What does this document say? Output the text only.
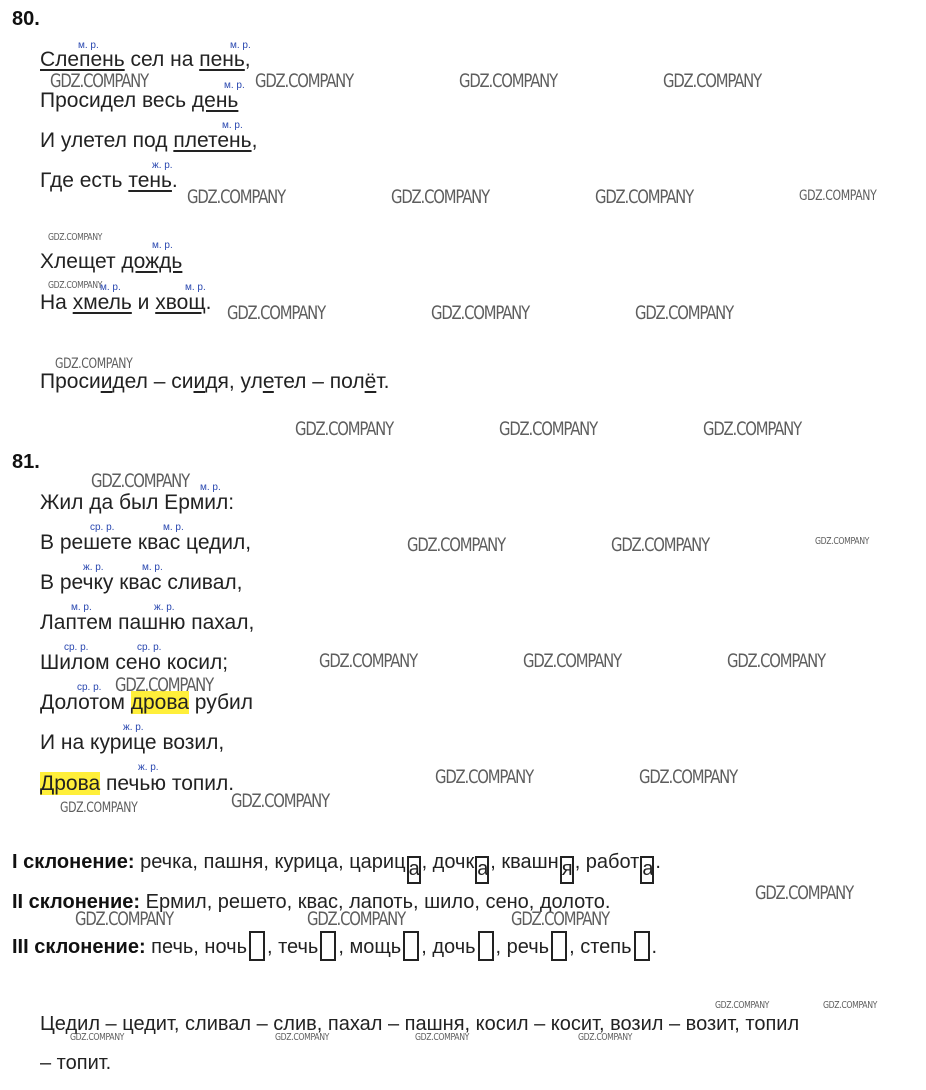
80.
Слепень сел на пень,
Просидел весь день
И улетел под плетень,
Где есть тень.
Хлещет дождь
На хмель и хвощ.
Просиидел – сиидя, улетел – полёт.
м. р.	м. р.
м. р.
м. р.
ж. р.
м. р.
м. р.	м. р.
81.
Жил да был Ермил:
В решете квас цедил,
В речку квас сливал,
Лаптем пашню пахал,
Шилом сено косил;
Долотом дрова рубил
И на курице возил,
Дрова печью топил.
м. р.
ср. р.	м. р.
ж. р.	м. р.
м. р.	ж. р.
ср. р.	ср. р.
ср. р.
ж. р.
ж. р.
I склонение: речка, пашня, курица, цариц а, дочк а, квашн я , работ а.
II склонение: Ермил, решето, квас, лапоть, шило, сено, долото.
III склонение: печь, ночь , течь , мощь , дочь , речь , степь .
Цедил – цедит, сливал – слив, пахал – пашня, косил – косит, возил – возит, топил
– топит.
GDZ.COMPANY	GDZ.COMPANY	GDZ.COMPANY	GDZ.COMPANY
GDZ.COMPANY	GDZ.COMPANY	GDZ.COMPANY	GDZ.COMPANY
GDZ.COMPANY
GDZ.COMPANY
GDZ.COMPANY	GDZ.COMPANY	GDZ.COMPANY
GDZ.COMPANY
GDZ.COMPANY	GDZ.COMPANY	GDZ.COMPANY
GDZ.COMPANY
GDZ.COMPANY	GDZ.COMPANY	GDZ.COMPANY
GDZ.COMPANY	GDZ.COMPANY	GDZ.COMPANY
GDZ.COMPANY
GDZ.COMPANY	GDZ.COMPANY
GDZ.COMPANY	GDZ.COMPANY
GDZ.COMPANY
GDZ.COMPANY	GDZ.COMPANY	GDZ.COMPANY
GDZ.COMPANY	GDZ.COMPANY
GDZ.COMPANY	GDZ.COMPANY	GDZ.COMPANY	GDZ.COMPANY
